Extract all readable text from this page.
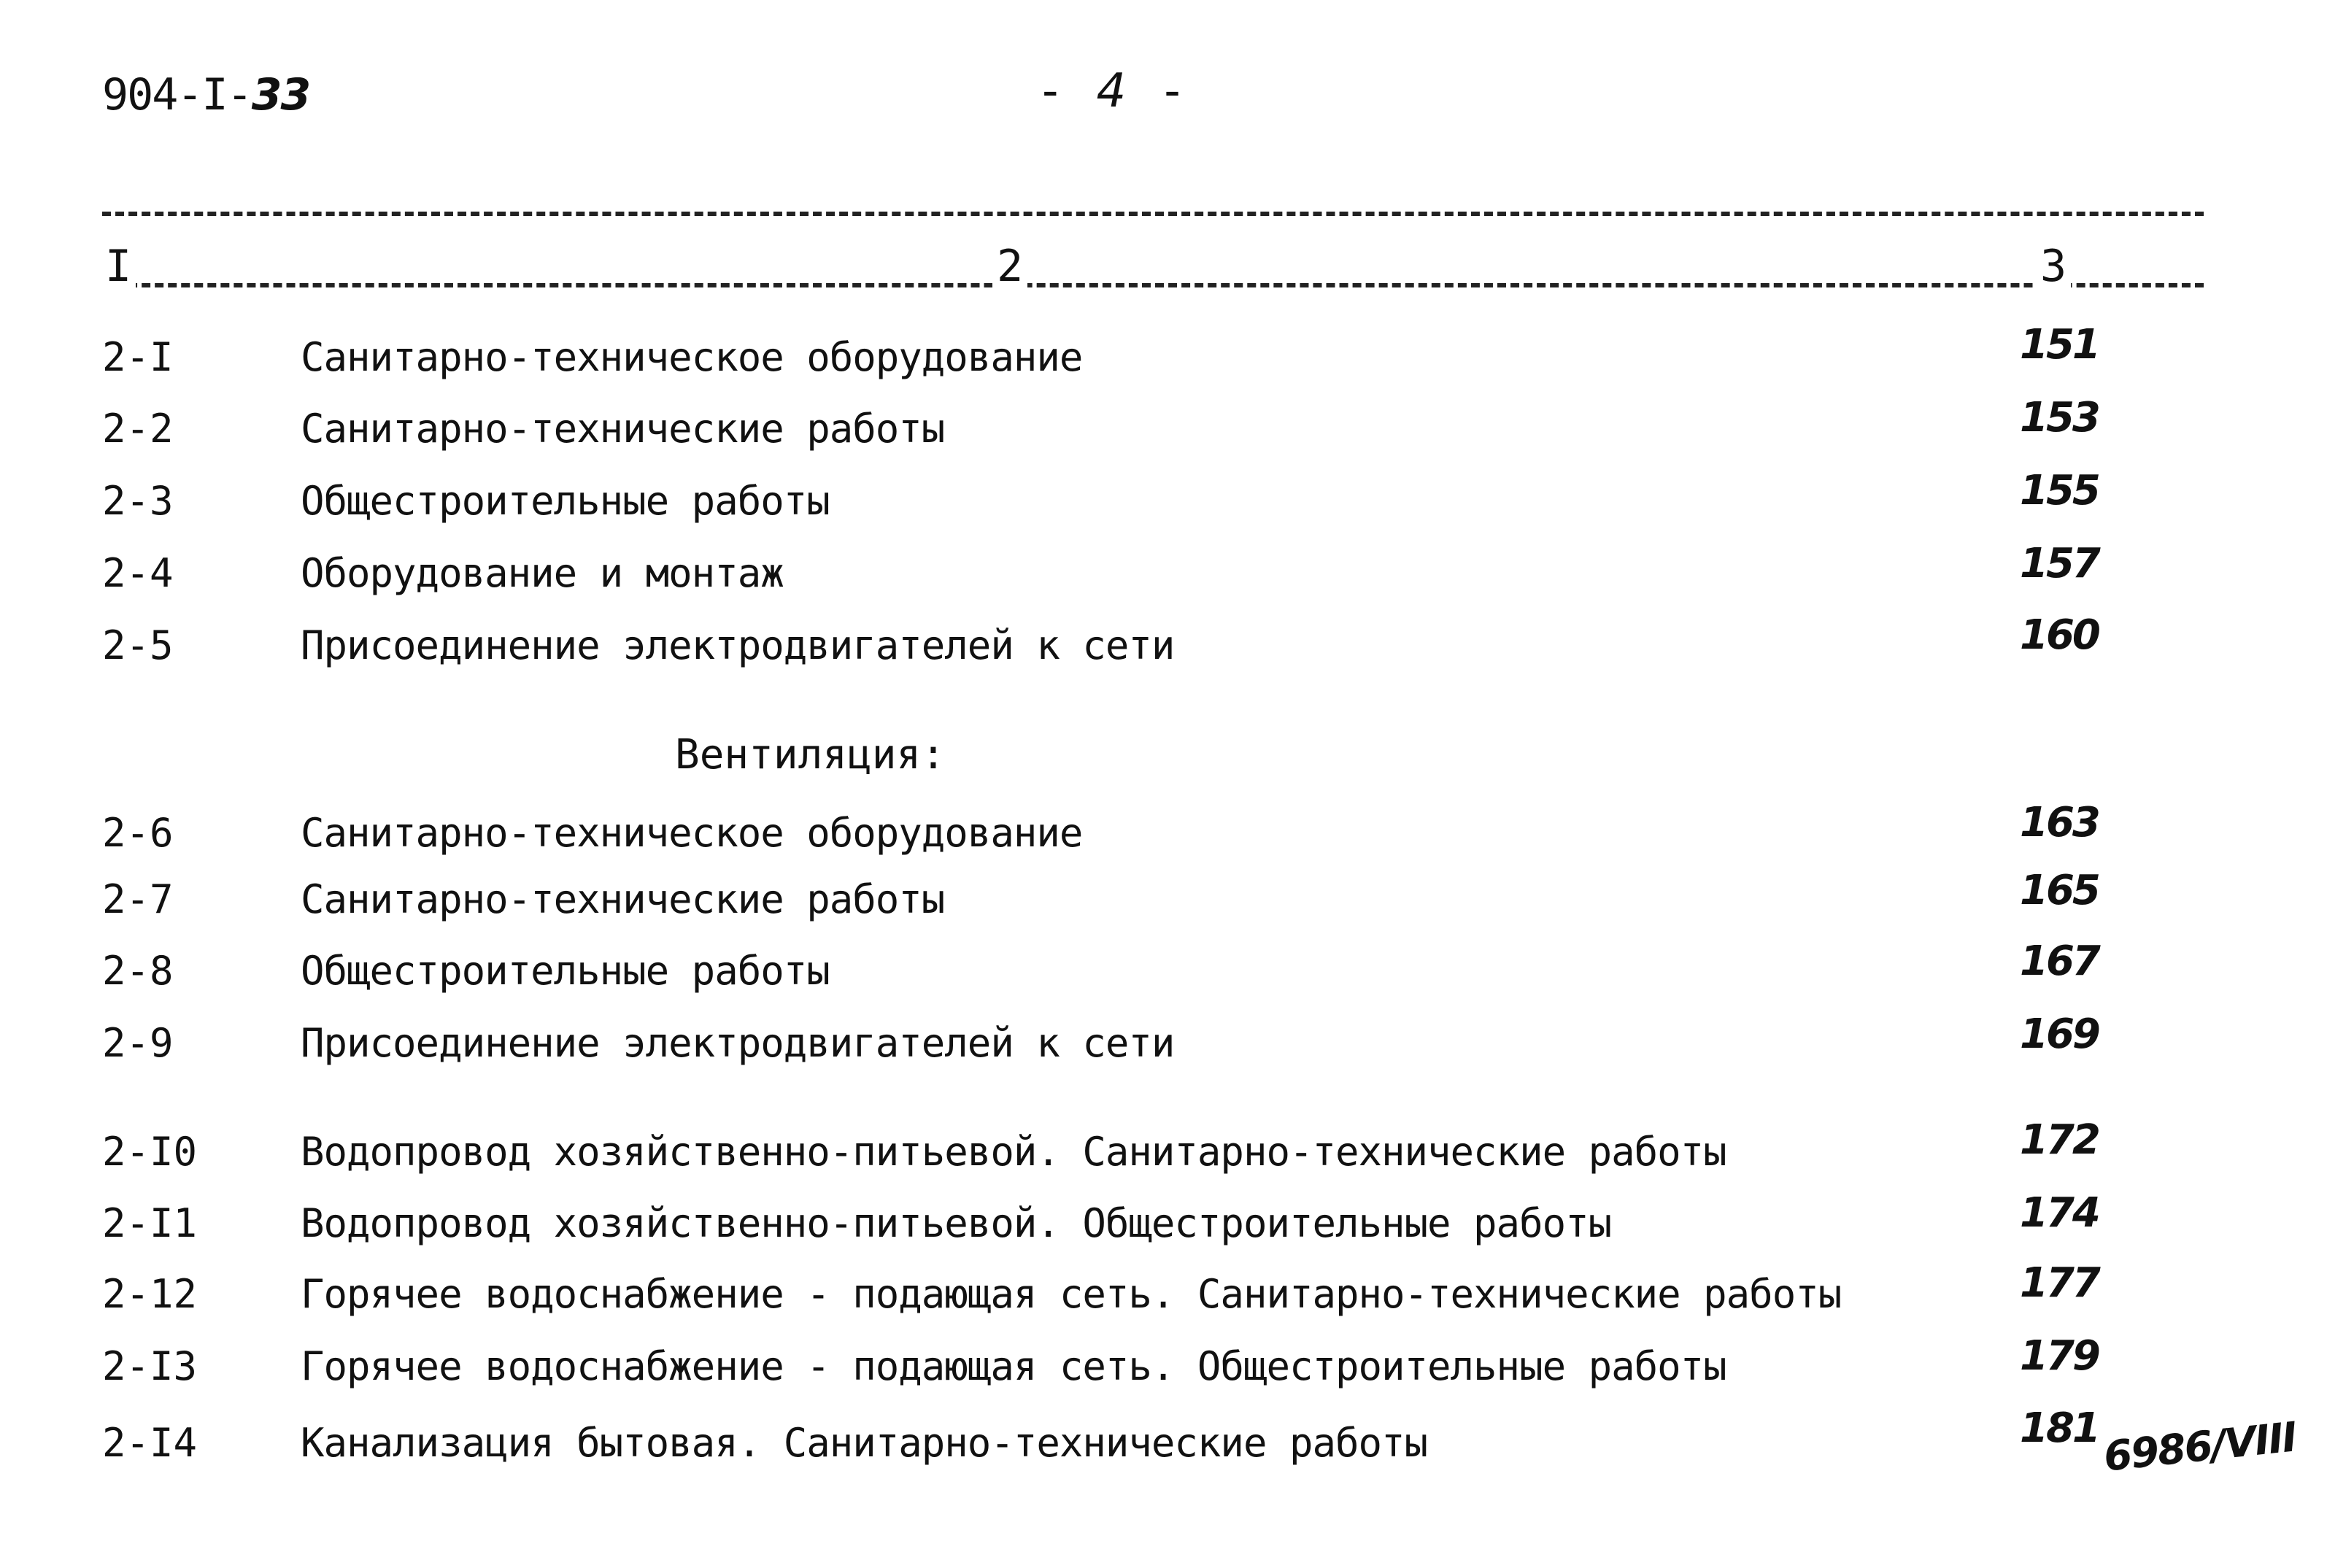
904-I-33	-4-
I	2	3
2-I	Санитарно-техническое оборудование	151
2-2	Санитарно-технические работы	153
2-3	Общестроительные работы	155
2-4	Оборудование и монтаж	157
2-5	Присоединение электродвигателей к сети	160
Вентиляция:
2-6	Санитарно-техническое оборудование	163
2-7	Санитарно-технические работы	165
2-8	Общестроительные работы	167
2-9	Присоединение электродвигателей к сети	169
2-I0	Водопровод хозяйственно-питьевой. Санитарно-технические работы	172
2-I1	Водопровод хозяйственно-питьевой. Общестроительные работы	174
2-12	Горячее водоснабжение - подающая сеть. Санитарно-технические работы	177
2-I3	Горячее водоснабжение - подающая сеть. Общестроительные работы	179
2-I4	Канализация бытовая. Санитарно-технические работы	181 6986/VIII
